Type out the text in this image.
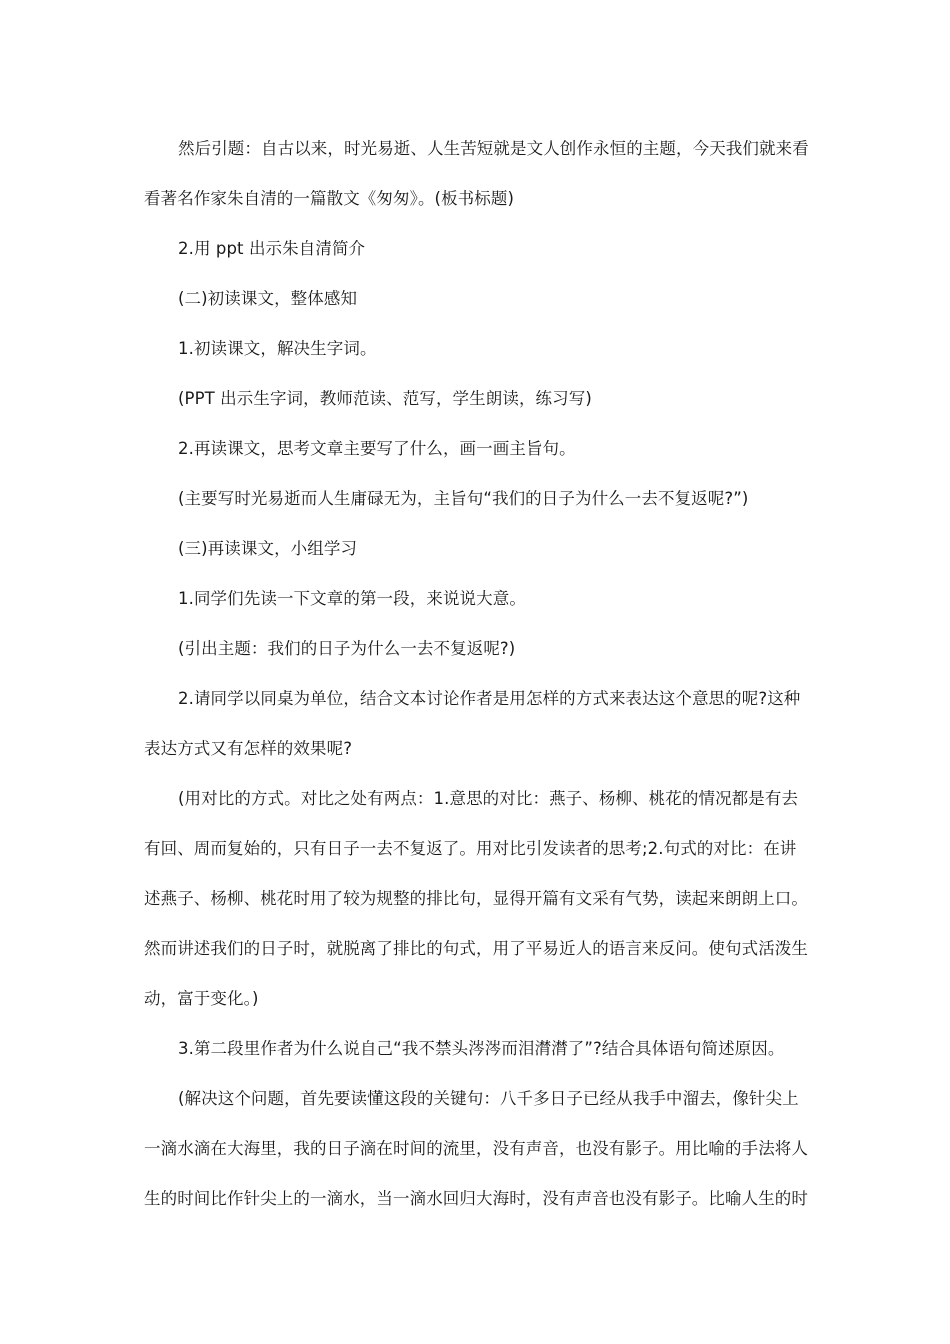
然后引题：自古以来，时光易逝、人生苦短就是文人创作永恒的主题，今天我们就来看看著名作家朱自清的一篇散文《匆匆》。(板书标题)

2.用 ppt 出示朱自清简介

(二)初读课文，整体感知

1.初读课文，解决生字词。

(PPT 出示生字词，教师范读、范写，学生朗读，练习写)

2.再读课文，思考文章主要写了什么，画一画主旨句。

(主要写时光易逝而人生庸碌无为，主旨句“我们的日子为什么一去不复返呢?”)

(三)再读课文，小组学习

1.同学们先读一下文章的第一段，来说说大意。

(引出主题：我们的日子为什么一去不复返呢?)

2.请同学以同桌为单位，结合文本讨论作者是用怎样的方式来表达这个意思的呢?这种表达方式又有怎样的效果呢?

(用对比的方式。对比之处有两点：1.意思的对比：燕子、杨柳、桃花的情况都是有去有回、周而复始的，只有日子一去不复返了。用对比引发读者的思考;2.句式的对比：在讲述燕子、杨柳、桃花时用了较为规整的排比句，显得开篇有文采有气势，读起来朗朗上口。然而讲述我们的日子时，就脱离了排比的句式，用了平易近人的语言来反问。使句式活泼生动，富于变化。)

3.第二段里作者为什么说自己“我不禁头涔涔而泪潸潸了”?结合具体语句简述原因。

(解决这个问题，首先要读懂这段的关键句：八千多日子已经从我手中溜去，像针尖上一滴水滴在大海里，我的日子滴在时间的流里，没有声音，也没有影子。用比喻的手法将人生的时间比作针尖上的一滴水，当一滴水回归大海时，没有声音也没有影子。比喻人生的时
